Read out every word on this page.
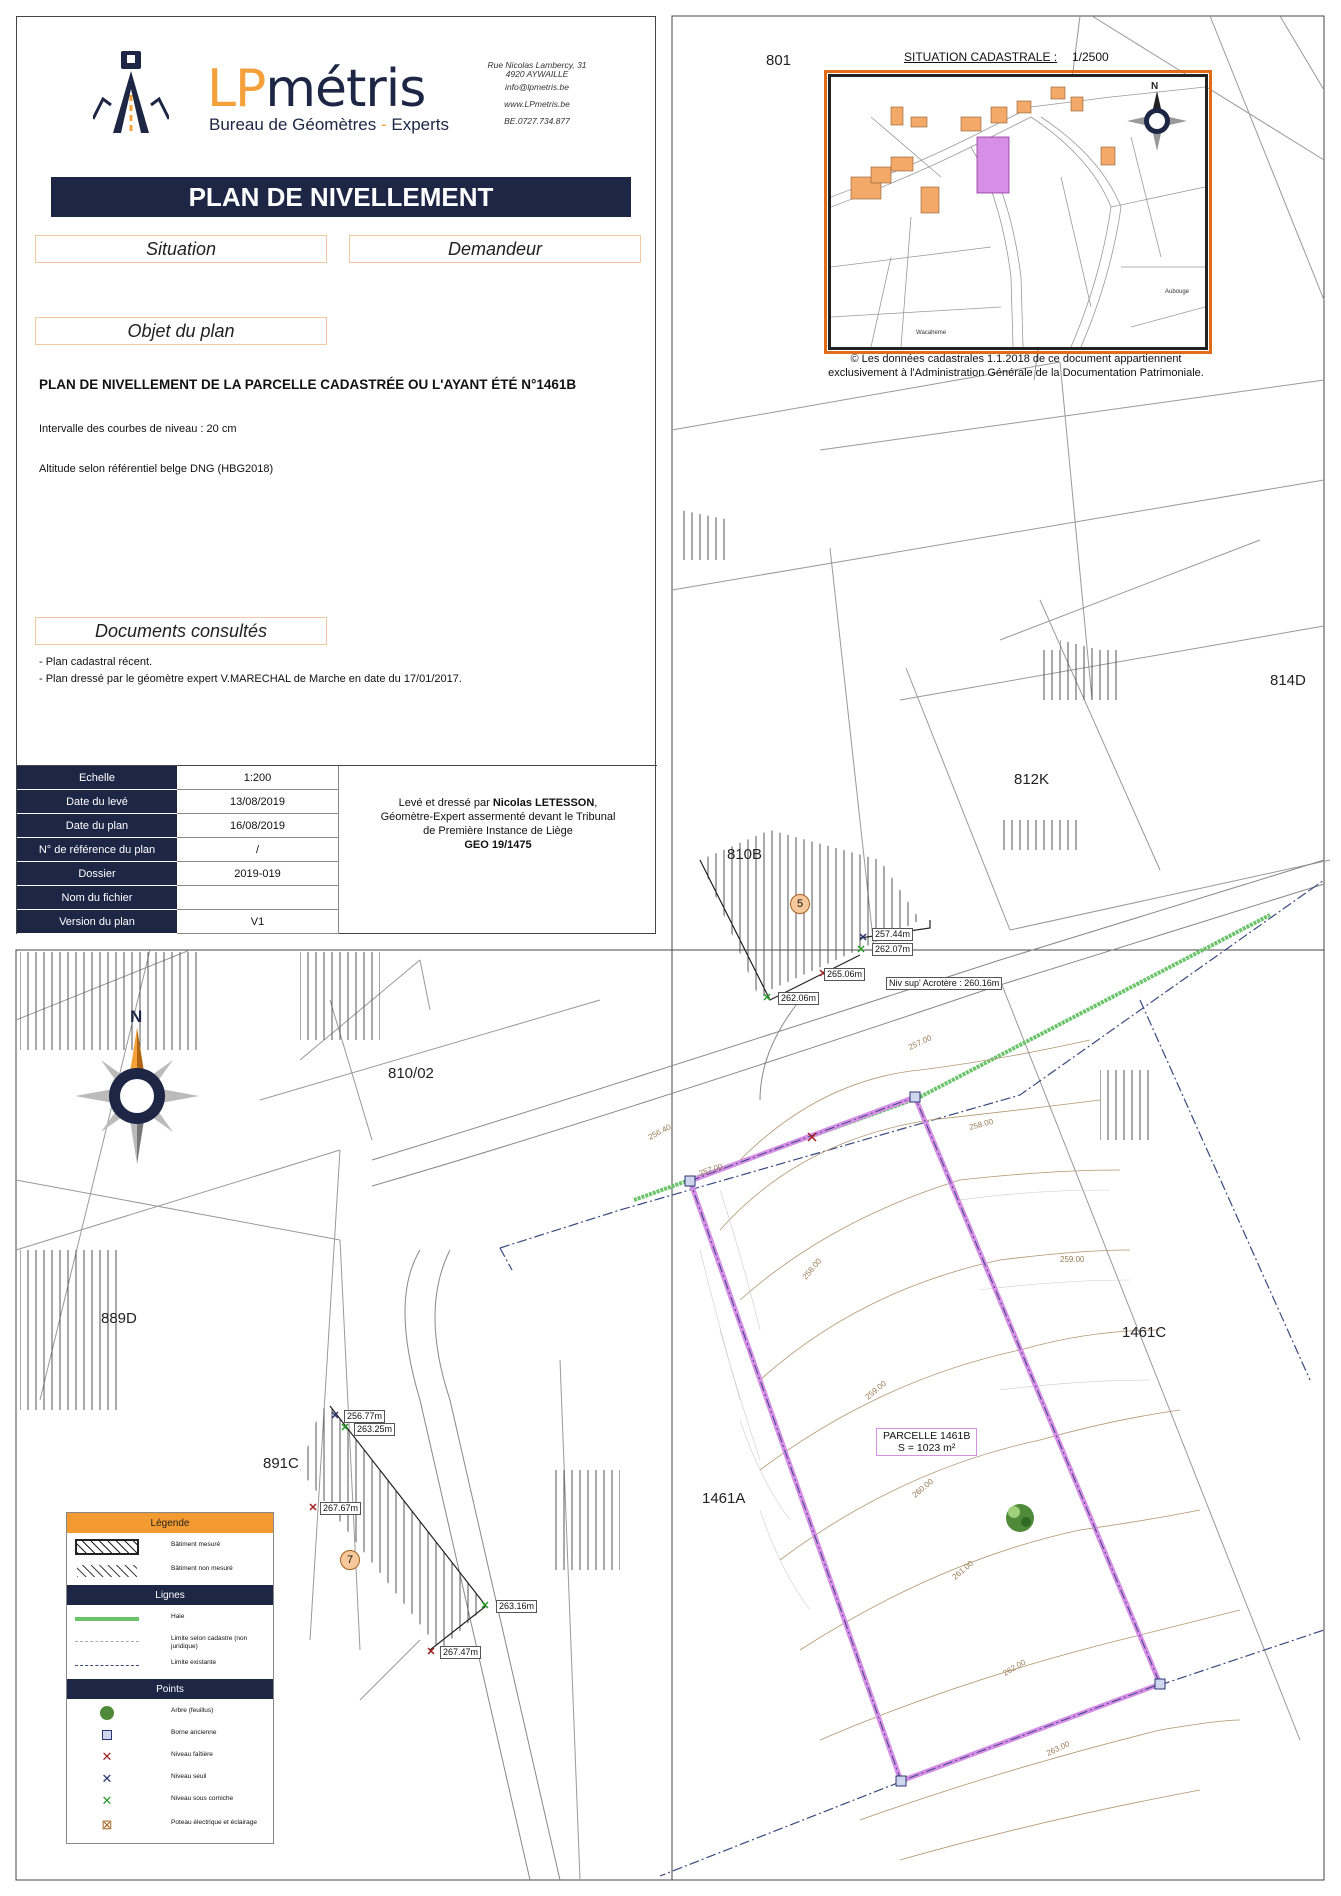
256.40
257.00
257.00
258.00
258.00	259.00
259.00
260.00
261.00
262.00
263.00
801
814D
812K
810B
810/02
889D
891C
1461A
1461C
PARCELLE 1461B
S = 1023 m²
N
257.44m
262.07m
265.06m
262.06m
Niv sup' Acrotère : 260.16m
256.77m
263.25m
267.67m
263.16m
267.47m
5
7
SITUATION CADASTRALE : 1/2500
Wacaheme
Aubouge
N
© Les données cadastrales 1.1.2018 de ce document appartiennent
exclusivement à l'Administration Générale de la Documentation Patrimoniale.
LPmétris
Bureau de Géomètres - Experts
Rue Nicolas Lambercy, 31
4920 AYWAILLE
info@lpmetris.be
www.LPmetris.be
BE.0727.734.877
PLAN DE NIVELLEMENT
Situation	Demandeur
Objet du plan
PLAN DE NIVELLEMENT DE LA PARCELLE CADASTRÉE OU L'AYANT ÉTÉ N°1461B
Intervalle des courbes de niveau : 20 cm
Altitude selon référentiel belge DNG (HBG2018)
Documents consultés
- Plan cadastral récent.
- Plan dressé par le géomètre expert V.MARECHAL de Marche en date du 17/01/2017.
Echelle	1:200
Date du levé	13/08/2019
Date du plan	16/08/2019
N° de référence du plan	/
Dossier	2019-019
Nom du fichier
Version du plan	V1
Levé et dressé par Nicolas LETESSON,
Géomètre-Expert assermenté devant le Tribunal
de Première Instance de Liège
GEO 19/1475
Légende
Bâtiment mesuré
Bâtiment non mesuré
Lignes
Haie
Limite selon cadastre (non juridique)
Limite existante
Points
Arbre (feuillus)
Borne ancienne
✕	Niveau faîtière
✕	Niveau seuil
✕	Niveau sous corniche
⊠	Poteau électrique et éclairage
